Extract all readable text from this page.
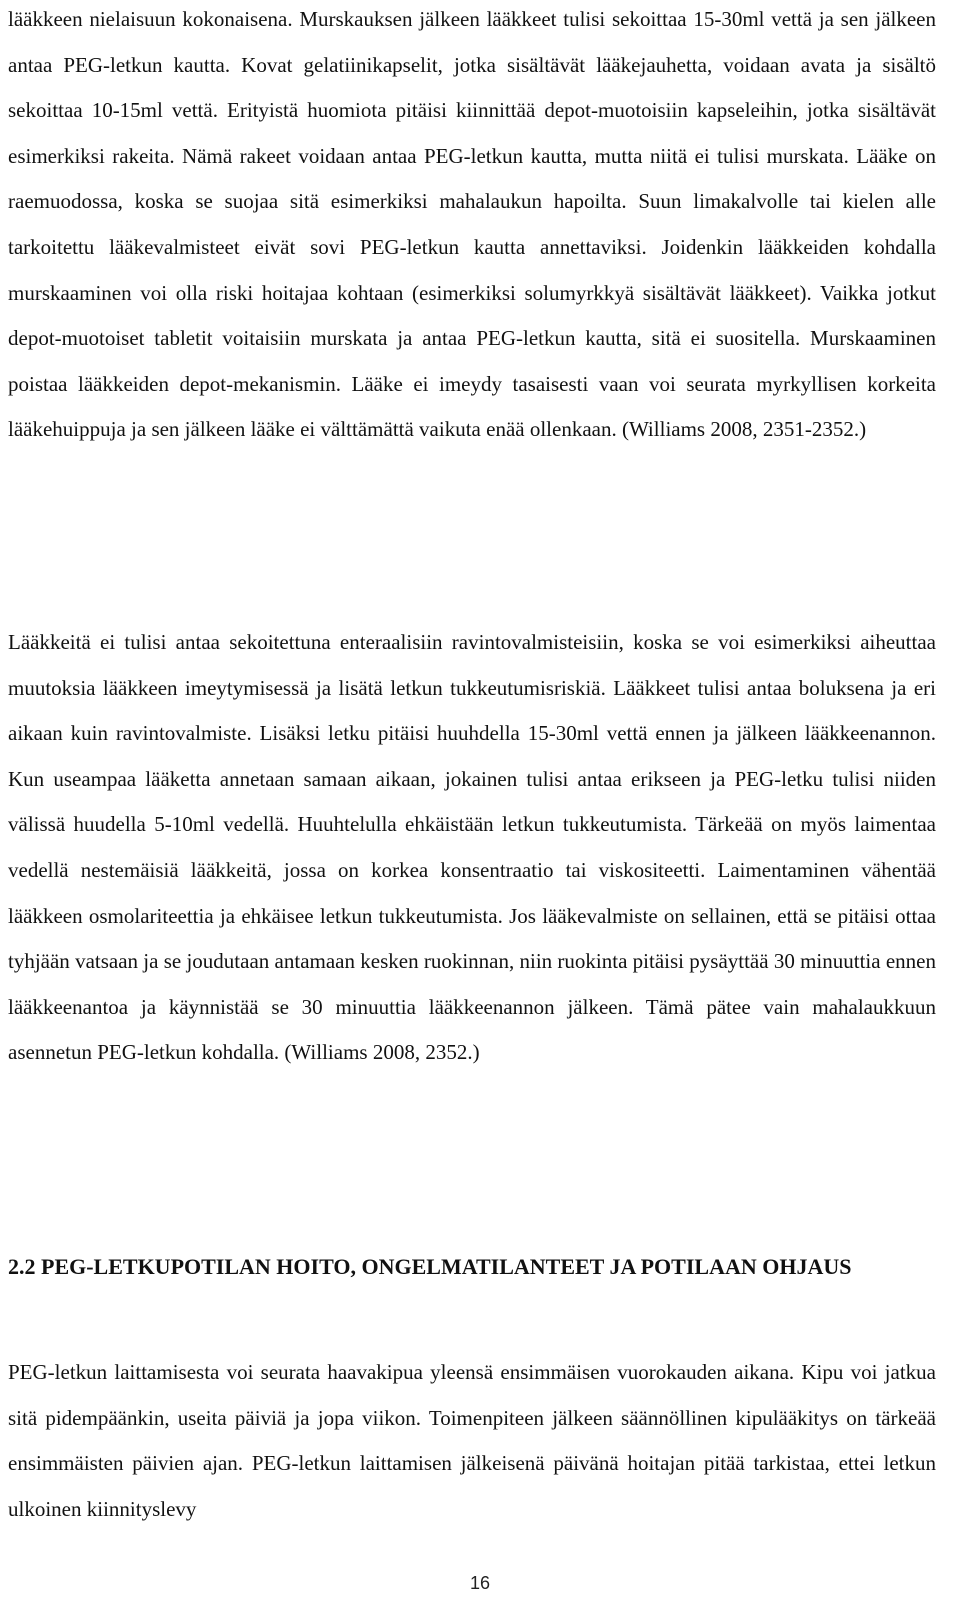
lääkkeen nielaisuun kokonaisena. Murskauksen jälkeen lääkkeet tulisi sekoittaa 15-30ml vettä ja sen jälkeen antaa PEG-letkun kautta. Kovat gelatiinikapselit, jotka sisältävät lääkejauhetta, voidaan avata ja sisältö sekoittaa 10-15ml vettä. Erityistä huomiota pitäisi kiinnittää depot-muotoisiin kapseleihin, jotka sisältävät esimerkiksi rakeita. Nämä rakeet voidaan antaa PEG-letkun kautta, mutta niitä ei tulisi murskata. Lääke on raemuodossa, koska se suojaa sitä esimerkiksi mahalaukun hapoilta. Suun limakalvolle tai kielen alle tarkoitettu lääkevalmisteet eivät sovi PEG-letkun kautta annettaviksi. Joidenkin lääkkeiden kohdalla murskaaminen voi olla riski hoitajaa kohtaan (esimerkiksi solumyrkkyä sisältävät lääkkeet). Vaikka jotkut depot-muotoiset tabletit voitaisiin murskata ja antaa PEG-letkun kautta, sitä ei suositella. Murskaaminen poistaa lääkkeiden depot-mekanismin. Lääke ei imeydy tasaisesti vaan voi seurata myrkyllisen korkeita lääkehuippuja ja sen jälkeen lääke ei välttämättä vaikuta enää ollenkaan. (Williams 2008, 2351-2352.)

Lääkkeitä ei tulisi antaa sekoitettuna enteraalisiin ravintovalmisteisiin, koska se voi esimerkiksi aiheuttaa muutoksia lääkkeen imeytymisessä ja lisätä letkun tukkeutumisriskiä. Lääkkeet tulisi antaa boluksena ja eri aikaan kuin ravintovalmiste. Lisäksi letku pitäisi huuhdella 15-30ml vettä ennen ja jälkeen lääkkeenannon. Kun useampaa lääketta annetaan samaan aikaan, jokainen tulisi antaa erikseen ja PEG-letku tulisi niiden välissä huudella 5-10ml vedellä. Huuhtelulla ehkäistään letkun tukkeutumista. Tärkeää on myös laimentaa vedellä nestemäisiä lääkkeitä, jossa on korkea konsentraatio tai viskositeetti. Laimentaminen vähentää lääkkeen osmolariteettia ja ehkäisee letkun tukkeutumista. Jos lääkevalmiste on sellainen, että se pitäisi ottaa tyhjään vatsaan ja se joudutaan antamaan kesken ruokinnan, niin ruokinta pitäisi pysäyttää 30 minuuttia ennen lääkkeenantoa ja käynnistää se 30 minuuttia lääkkeenannon jälkeen. Tämä pätee vain mahalaukkuun asennetun PEG-letkun kohdalla. (Williams 2008, 2352.)

2.2 PEG-LETKUPOTILAN HOITO, ONGELMATILANTEET JA POTILAAN OHJAUS

PEG-letkun laittamisesta voi seurata haavakipua yleensä ensimmäisen vuorokauden aikana. Kipu voi jatkua sitä pidempäänkin, useita päiviä ja jopa viikon. Toimenpiteen jälkeen säännöllinen kipulääkitys on tärkeää ensimmäisten päivien ajan. PEG-letkun laittamisen jälkeisenä päivänä hoitajan pitää tarkistaa, ettei letkun ulkoinen kiinnityslevy

16
